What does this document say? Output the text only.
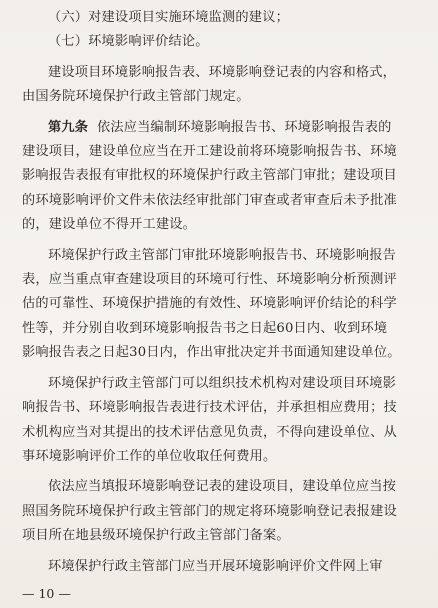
（六）对建设项目实施环境监测的建议；
（七）环境影响评价结论。
建设项目环境影响报告表、环境影响登记表的内容和格式，
由国务院环境保护行政主管部门规定。
第九条 依法应当编制环境影响报告书、环境影响报告表的
建设项目，建设单位应当在开工建设前将环境影响报告书、环境
影响报告表报有审批权的环境保护行政主管部门审批；建设项目
的环境影响评价文件未依法经审批部门审查或者审查后未予批准
的，建设单位不得开工建设。
环境保护行政主管部门审批环境影响报告书、环境影响报告
表，应当重点审查建设项目的环境可行性、环境影响分析预测评
估的可靠性、环境保护措施的有效性、环境影响评价结论的科学
性等，并分别自收到环境影响报告书之日起60日内、收到环境
影响报告表之日起30日内，作出审批决定并书面通知建设单位。
环境保护行政主管部门可以组织技术机构对建设项目环境影
响报告书、环境影响报告表进行技术评估，并承担相应费用；技
术机构应当对其提出的技术评估意见负责，不得向建设单位、从
事环境影响评价工作的单位收取任何费用。
依法应当填报环境影响登记表的建设项目，建设单位应当按
照国务院环境保护行政主管部门的规定将环境影响登记表报建设
项目所在地县级环境保护行政主管部门备案。
环境保护行政主管部门应当开展环境影响评价文件网上审
— 10 —
